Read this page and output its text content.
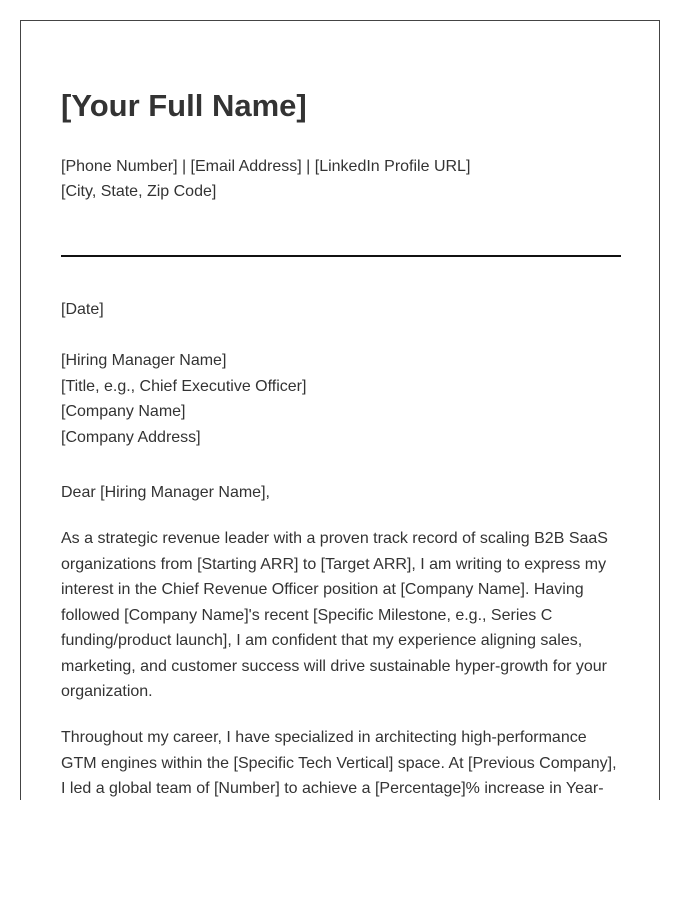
[Your Full Name]
[Phone Number] | [Email Address] | [LinkedIn Profile URL]
[City, State, Zip Code]
[Date]
[Hiring Manager Name]
[Title, e.g., Chief Executive Officer]
[Company Name]
[Company Address]
Dear [Hiring Manager Name],
As a strategic revenue leader with a proven track record of scaling B2B SaaS
organizations from [Starting ARR] to [Target ARR], I am writing to express my
interest in the Chief Revenue Officer position at [Company Name]. Having
followed [Company Name]'s recent [Specific Milestone, e.g., Series C
funding/product launch], I am confident that my experience aligning sales,
marketing, and customer success will drive sustainable hyper-growth for your
organization.
Throughout my career, I have specialized in architecting high-performance
GTM engines within the [Specific Tech Vertical] space. At [Previous Company],
I led a global team of [Number] to achieve a [Percentage]% increase in Year-
